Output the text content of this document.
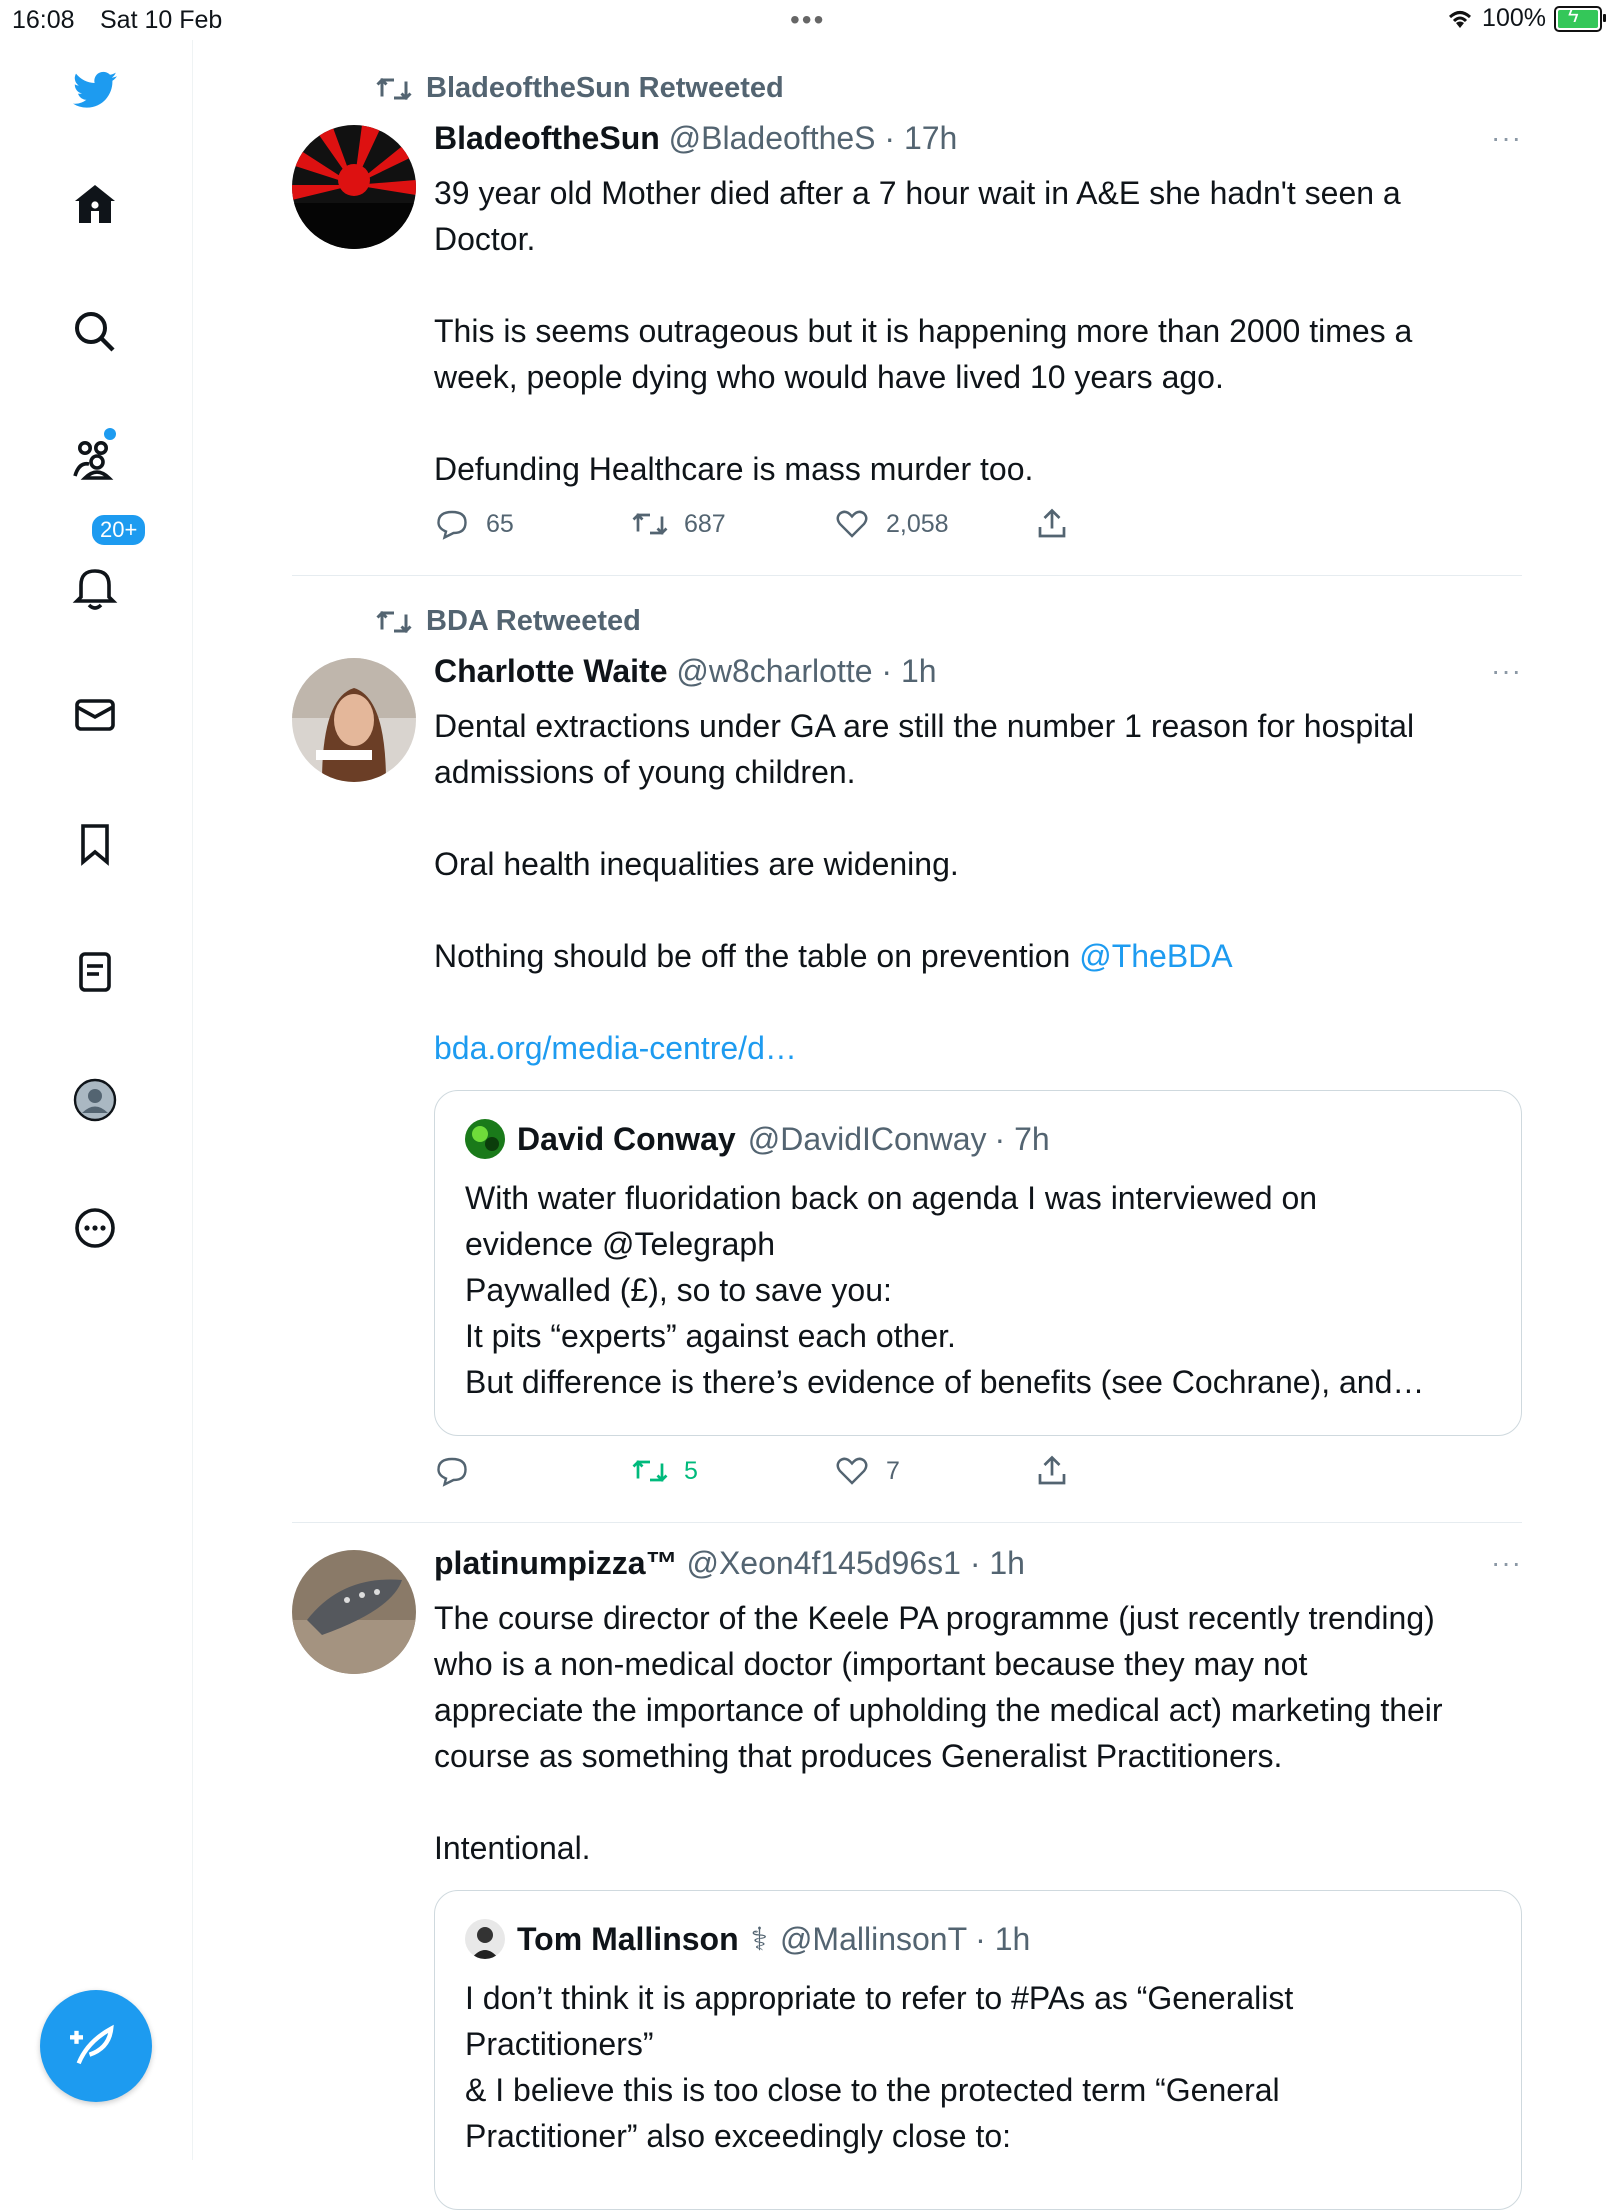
16:08 Sat 10 Feb	•••	100% ϟ
20+
BladeoftheSun Retweeted
BladeoftheSun @BladeoftheS · 17h	···

39 year old Mother died after a 7 hour wait in A&E she hadn't seen a

Doctor.

This is seems outrageous but it is happening more than 2000 times a

week, people dying who would have lived 10 years ago.

Defunding Healthcare is mass murder too.

65	687	2,058
BDA Retweeted
Charlotte Waite @w8charlotte · 1h	···

Dental extractions under GA are still the number 1 reason for hospital

admissions of young children.

Oral health inequalities are widening.

Nothing should be off the table on prevention @TheBDA

bda.org/media-centre/d…

David Conway @DavidIConway · 7h

With water fluoridation back on agenda I was interviewed on

evidence @Telegraph

Paywalled (£), so to save you:

It pits “experts” against each other.

But difference is there’s evidence of benefits (see Cochrane), and…

5	7
platinumpizza™ @Xeon4f145d96s1 · 1h	···

The course director of the Keele PA programme (just recently trending)

who is a non-medical doctor (important because they may not

appreciate the importance of upholding the medical act) marketing their

course as something that produces Generalist Practitioners.

Intentional.

Tom Mallinson ⚕ @MallinsonT · 1h

I don’t think it is appropriate to refer to #PAs as “Generalist

Practitioners”

& I believe this is too close to the protected term “General

Practitioner” also exceedingly close to:
